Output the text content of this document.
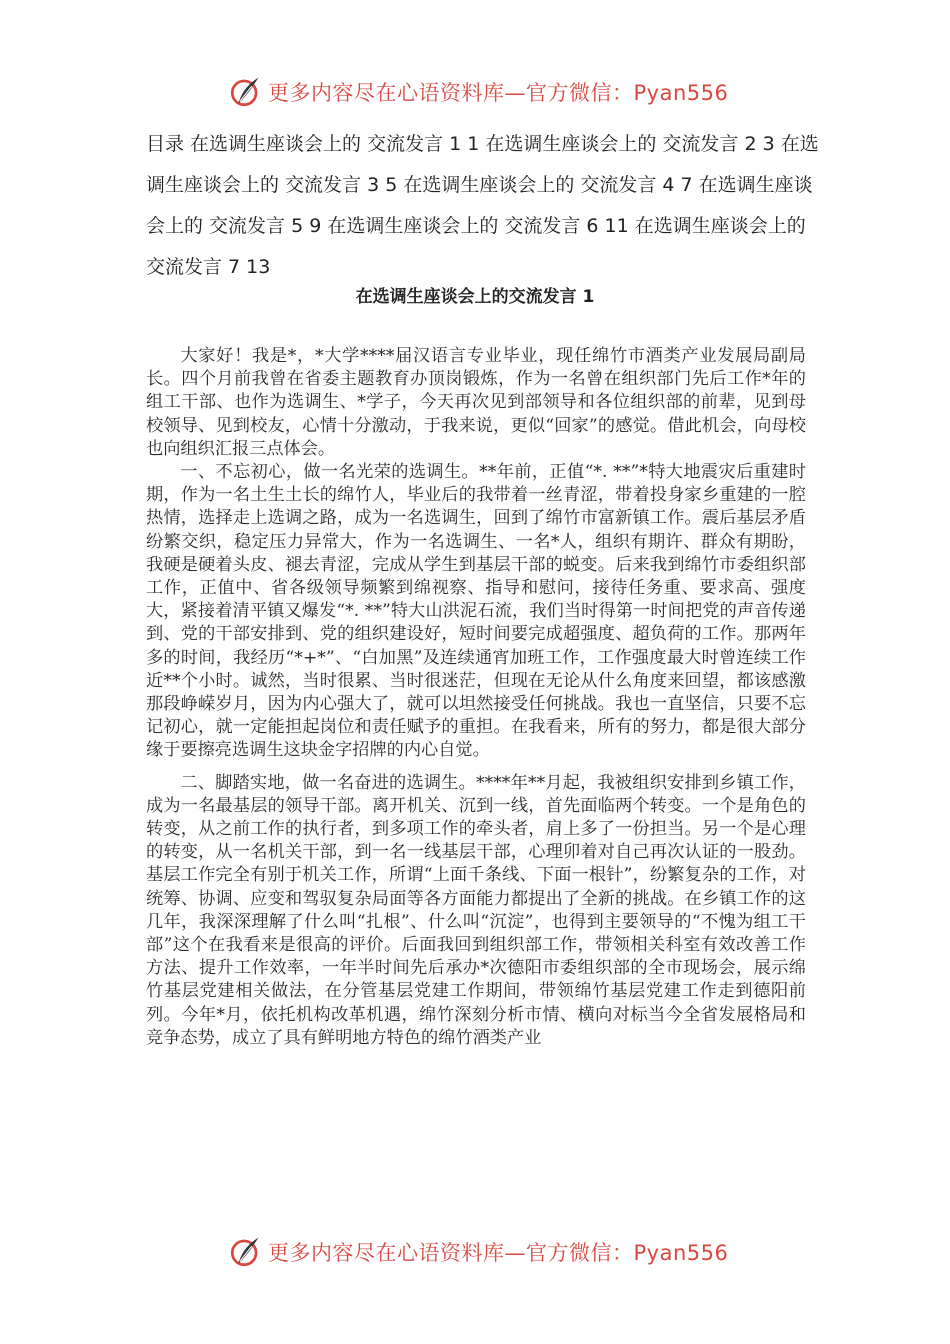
更多内容尽在心语资料库—官方微信：Pyan556
目录 在选调生座谈会上的 交流发言 1 1 在选调生座谈会上的 交流发言 2 3 在选调生座谈会上的 交流发言 3 5 在选调生座谈会上的 交流发言 4 7 在选调生座谈会上的 交流发言 5 9 在选调生座谈会上的 交流发言 6 11 在选调生座谈会上的 交流发言 7 13
在选调生座谈会上的交流发言 1

大家好！我是*，*大学****届汉语言专业毕业，现任绵竹市酒类产业发展局副局长。四个月前我曾在省委主题教育办顶岗锻炼，作为一名曾在组织部门先后工作*年的组工干部、也作为选调生、*学子，今天再次见到部领导和各位组织部的前辈，见到母校领导、见到校友，心情十分激动，于我来说，更似“回家”的感觉。借此机会，向母校也向组织汇报三点体会。

一、不忘初心，做一名光荣的选调生。**年前，正值“*. **”*特大地震灾后重建时期，作为一名土生土长的绵竹人，毕业后的我带着一丝青涩，带着投身家乡重建的一腔热情，选择走上选调之路，成为一名选调生，回到了绵竹市富新镇工作。震后基层矛盾纷繁交织，稳定压力异常大，作为一名选调生、一名*人，组织有期许、群众有期盼，我硬是硬着头皮、褪去青涩，完成从学生到基层干部的蜕变。后来我到绵竹市委组织部工作，正值中、省各级领导频繁到绵视察、指导和慰问，接待任务重、要求高、强度大，紧接着清平镇又爆发“*. **”特大山洪泥石流，我们当时得第一时间把党的声音传递到、党的干部安排到、党的组织建设好，短时间要完成超强度、超负荷的工作。那两年多的时间，我经历“*+*”、“白加黑”及连续通宵加班工作，工作强度最大时曾连续工作近**个小时。诚然，当时很累、当时很迷茫，但现在无论从什么角度来回望，都该感激那段峥嵘岁月，因为内心强大了，就可以坦然接受任何挑战。我也一直坚信，只要不忘记初心，就一定能担起岗位和责任赋予的重担。在我看来，所有的努力，都是很大部分缘于要擦亮选调生这块金字招牌的内心自觉。

二、脚踏实地，做一名奋进的选调生。****年**月起，我被组织安排到乡镇工作，成为一名最基层的领导干部。离开机关、沉到一线，首先面临两个转变。一个是角色的转变，从之前工作的执行者，到多项工作的牵头者，肩上多了一份担当。另一个是心理的转变，从一名机关干部，到一名一线基层干部，心理卯着对自己再次认证的一股劲。基层工作完全有别于机关工作，所谓“上面千条线、下面一根针”，纷繁复杂的工作，对统筹、协调、应变和驾驭复杂局面等各方面能力都提出了全新的挑战。在乡镇工作的这几年，我深深理解了什么叫“扎根”、什么叫“沉淀”，也得到主要领导的“不愧为组工干部”这个在我看来是很高的评价。后面我回到组织部工作，带领相关科室有效改善工作方法、提升工作效率，一年半时间先后承办*次德阳市委组织部的全市现场会，展示绵竹基层党建相关做法，在分管基层党建工作期间，带领绵竹基层党建工作走到德阳前列。今年*月，依托机构改革机遇，绵竹深刻分析市情、横向对标当今全省发展格局和竞争态势，成立了具有鲜明地方特色的绵竹酒类产业

更多内容尽在心语资料库—官方微信：Pyan556
